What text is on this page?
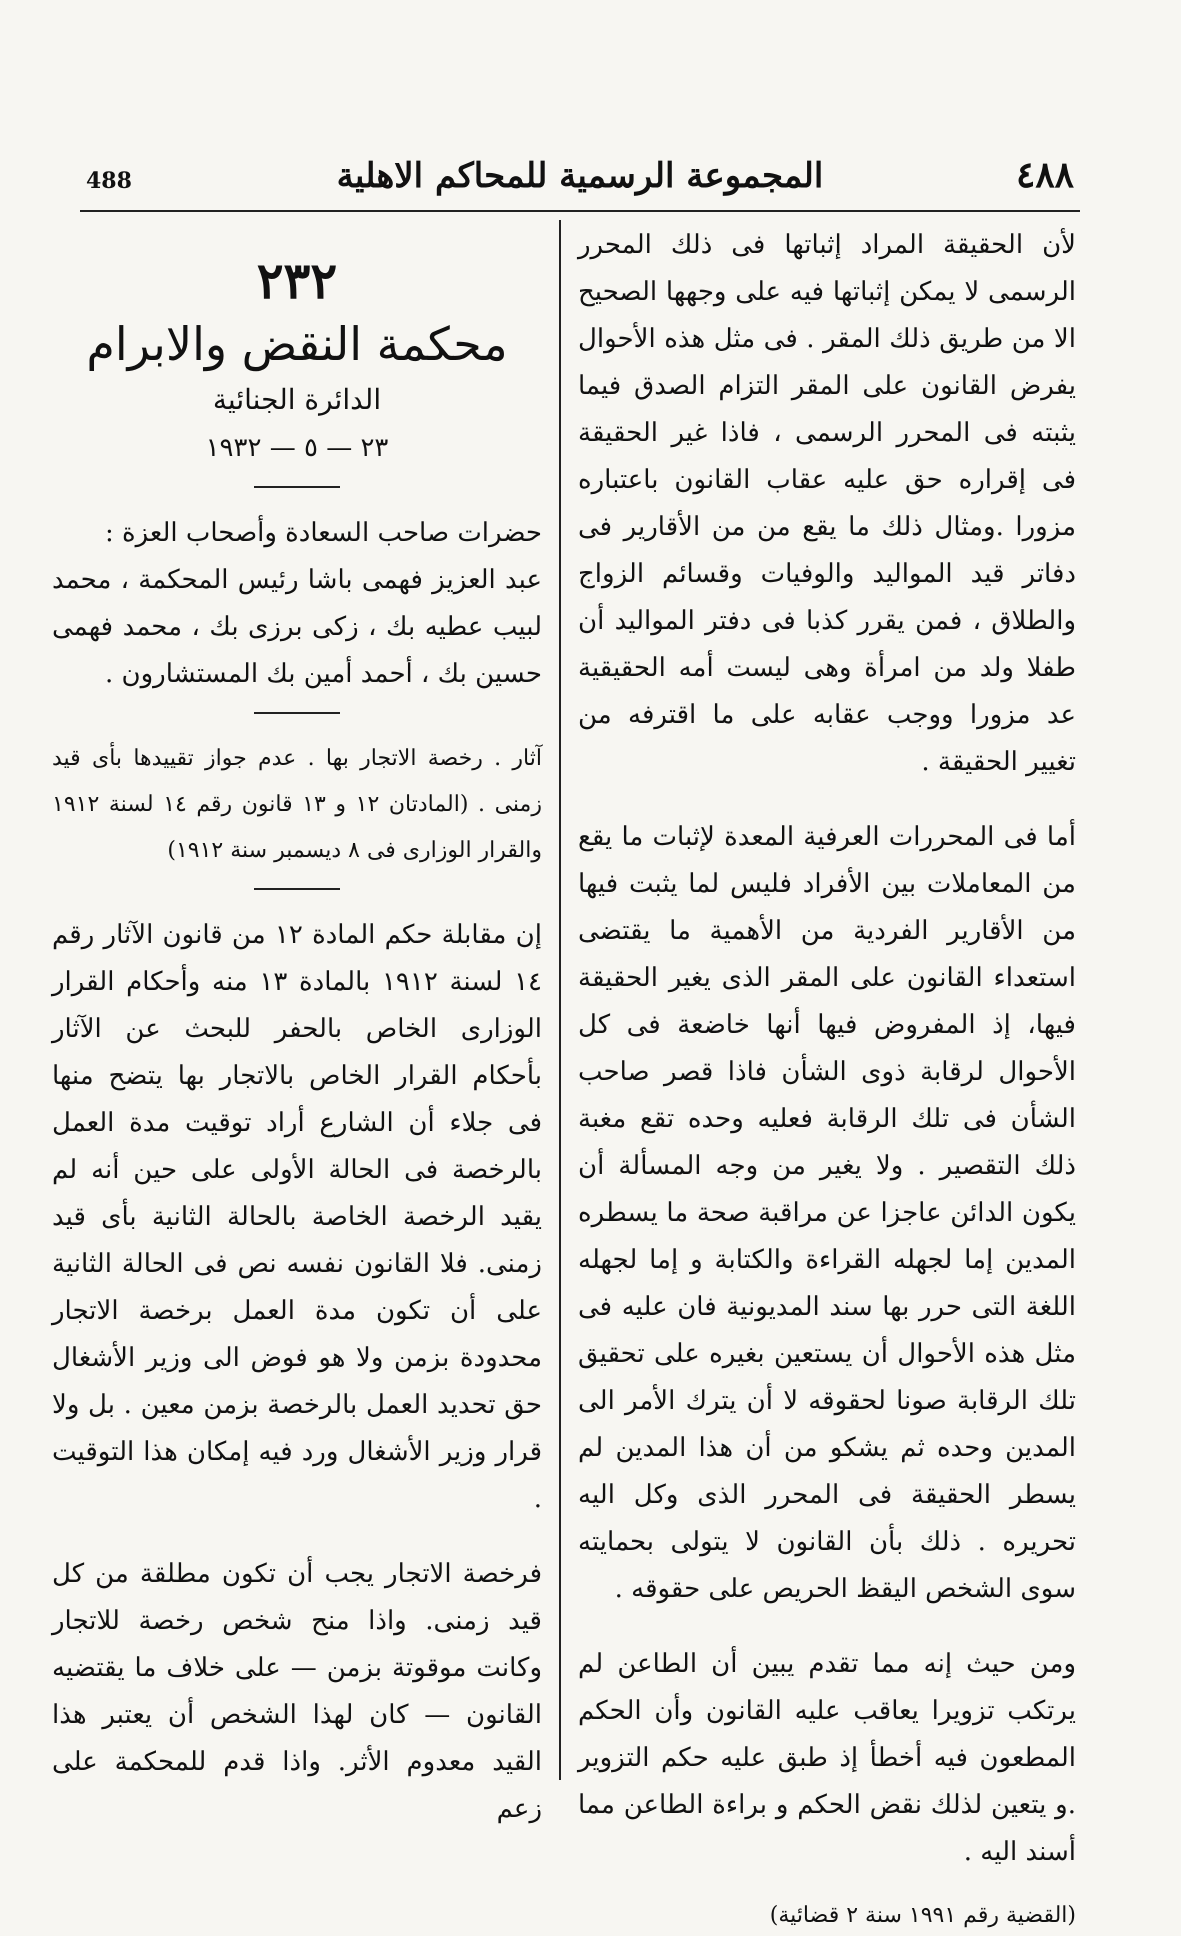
488	المجموعة الرسمية للمحاكم الاهلية	٤٨٨

لأن الحقيقة المراد إثباتها فى ذلك المحرر الرسمى لا يمكن إثباتها فيه على وجهها الصحيح الا من طريق ذلك المقر . فى مثل هذه الأحوال يفرض القانون على المقر التزام الصدق فيما يثبته فى المحرر الرسمى ، فاذا غير الحقيقة فى إقراره حق عليه عقاب القانون باعتباره مزورا .ومثال ذلك ما يقع من من الأقارير فى دفاتر قيد المواليد والوفيات وقسائم الزواج والطلاق ، فمن يقرر كذبا فى دفتر المواليد أن طفلا ولد من امرأة وهى ليست أمه الحقيقية عد مزورا ووجب عقابه على ما اقترفه من تغيير الحقيقة .

أما فى المحررات العرفية المعدة لإثبات ما يقع من المعاملات بين الأفراد فليس لما يثبت فيها من الأقارير الفردية من الأهمية ما يقتضى استعداء القانون على المقر الذى يغير الحقيقة فيها، إذ المفروض فيها أنها خاضعة فى كل الأحوال لرقابة ذوى الشأن فاذا قصر صاحب الشأن فى تلك الرقابة فعليه وحده تقع مغبة ذلك التقصير . ولا يغير من وجه المسألة أن يكون الدائن عاجزا عن مراقبة صحة ما يسطره المدين إما لجهله القراءة والكتابة و إما لجهله اللغة التى حرر بها سند المديونية فان عليه فى مثل هذه الأحوال أن يستعين بغيره على تحقيق تلك الرقابة صونا لحقوقه لا أن يترك الأمر الى المدين وحده ثم يشكو من أن هذا المدين لم يسطر الحقيقة فى المحرر الذى وكل اليه تحريره . ذلك بأن القانون لا يتولى بحمايته سوى الشخص اليقظ الحريص على حقوقه .

ومن حيث إنه مما تقدم يبين أن الطاعن لم يرتكب تزويرا يعاقب عليه القانون وأن الحكم المطعون فيه أخطأ إذ طبق عليه حكم التزوير .و يتعين لذلك نقض الحكم و براءة الطاعن مما أسند اليه .

(القضية رقم ١٩٩١ سنة ٢ قضائية)
٢٣٢
محكمة النقض والابرام
الدائرة الجنائية
٢٣ — ٥ — ١٩٣٢

حضرات صاحب السعادة وأصحاب العزة :

عبد العزيز فهمى باشا رئيس المحكمة ، محمد لبيب عطيه بك ، زكى برزى بك ، محمد فهمى حسين بك ، أحمد أمين بك المستشارون .

آثار . رخصة الاتجار بها . عدم جواز تقييدها بأى قيد زمنى . (المادتان ١٢ و ١٣ قانون رقم ١٤ لسنة ١٩١٢ والقرار الوزارى فى ٨ ديسمبر سنة ١٩١٢)

إن مقابلة حكم المادة ١٢ من قانون الآثار رقم ١٤ لسنة ١٩١٢ بالمادة ١٣ منه وأحكام القرار الوزارى الخاص بالحفر للبحث عن الآثار بأحكام القرار الخاص بالاتجار بها يتضح منها فى جلاء أن الشارع أراد توقيت مدة العمل بالرخصة فى الحالة الأولى على حين أنه لم يقيد الرخصة الخاصة بالحالة الثانية بأى قيد زمنى. فلا القانون نفسه نص فى الحالة الثانية على أن تكون مدة العمل برخصة الاتجار محدودة بزمن ولا هو فوض الى وزير الأشغال حق تحديد العمل بالرخصة بزمن معين . بل ولا قرار وزير الأشغال ورد فيه إمكان هذا التوقيت .

فرخصة الاتجار يجب أن تكون مطلقة من كل قيد زمنى. واذا منح شخص رخصة للاتجار وكانت موقوتة بزمن — على خلاف ما يقتضيه القانون — كان لهذا الشخص أن يعتبر هذا القيد معدوم الأثر. واذا قدم للمحكمة على زعم
